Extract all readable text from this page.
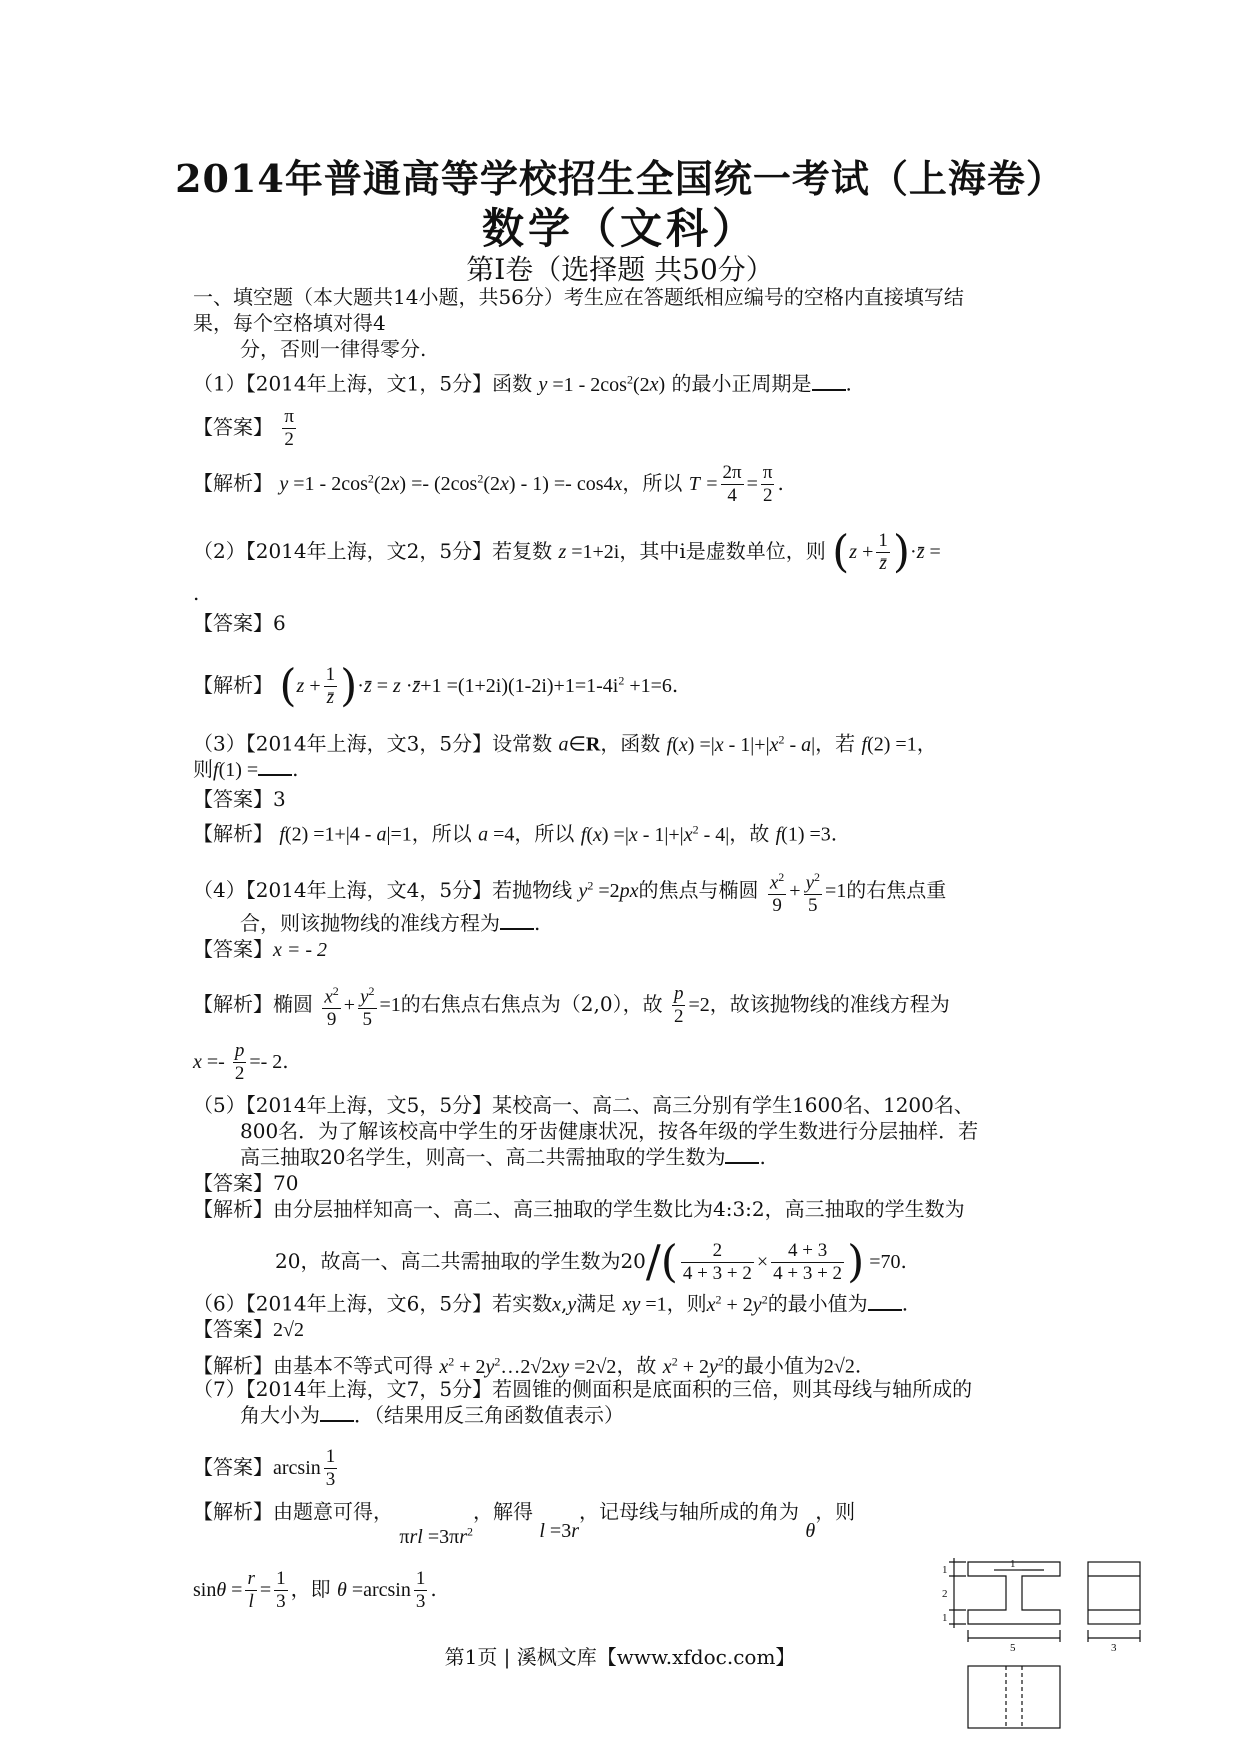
2014年普通高等学校招生全国统一考试（上海卷）
数学（文科）
第Ⅰ卷（选择题 共50分）
一、填空题（本大题共14小题，共56分）考生应在答题纸相应编号的空格内直接填写结
果，每个空格填对得4
分，否则一律得零分.
（1）【2014年上海，文1，5分】函数 $y =1 - 2\cos^2(2x)$ 的最小正周期是 .
【答案】 $\frac{\pi}{2}$
【解析】 $y =1 - 2\cos^2(2x) =- (2\cos^2(2x) - 1) =- \cos 4x$，所以 $T = \frac{2\pi}{4} = \frac{\pi}{2}$ .
（2）【2014年上海，文2，5分】若复数 z =1+2i，其中i是虚数单位，则 ($z + \frac{1}{z̄}$ )·z̄ =
.
【答案】6
【解析】 ($z + \frac{1}{z̄}$ )·z̄ = z ·z̄+1 $=(1+2i)(1-2i)+1=1-4i^2 +1=6$.
（3）【2014年上海，文3，5分】设常数 a∈R，函数 $f(x) =|x - 1|+|x^2 - a|$，若 f(2) =1，
则f(1) = .
【答案】3
【解析】 f(2) =1+|4 - a|=1，所以 a =4，所以 $f(x) =|x - 1|+|x^2 - 4|$，故 f(1) =3.
（4）【2014年上海，文4，5分】若抛物线 $y^2 =2px$的焦点与椭圆 $\frac{x^2}{9} + \frac{y^2}{5} =1$的右焦点重
合，则该抛物线的准线方程为 .
【答案】x = - 2
【解析】椭圆 $\frac{x^2}{9} + \frac{y^2}{5} =1$的右焦点右焦点为（2,0），故 $\frac{p}{2} =2$，故该抛物线的准线方程为
$x =- \frac{p}{2} =- 2$.
（5）【2014年上海，文5，5分】某校高一、高二、高三分别有学生1600名、1200名、
800名．为了解该校高中学生的牙齿健康状况，按各年级的学生数进行分层抽样．若
高三抽取20名学生，则高一、高二共需抽取的学生数为 .
【答案】70
【解析】由分层抽样知高一、高二、高三抽取的学生数比为4:3:2，高三抽取的学生数为
20，故高一、高二共需抽取的学生数为$20/( \frac{2}{4 + 3 + 2} \times \frac{4 + 3}{4 + 3 + 2}$ ) =70.
（6）【2014年上海，文6，5分】若实数x,y满足 xy =1，则$x^2 + 2y^2$的最小值为 .
【答案】2√2
【解析】由基本不等式可得 $x^2$ + $2y^2\dots 2√2xy =2√2$，故 $x^2 + 2y^2$的最小值为2√2.
（7）【2014年上海，文7，5分】若圆锥的侧面积是底面积的三倍，则其母线与轴所成的
角大小为 ．（结果用反三角函数值表示）
【答案】$\arcsin \frac{1}{3}$
【解析】由题意可得， $\pi rl =3\pi r^2$，解得 l =3r，记母线与轴所成的角为 θ，则
$\sin\theta = \frac{r}{l} = \frac{1}{3}$ ，即 $\theta =\arcsin \frac{1}{3}$ .
1	1
2
1
5	3
第1页 | 溪枫文库【www.xfdoc.com】
